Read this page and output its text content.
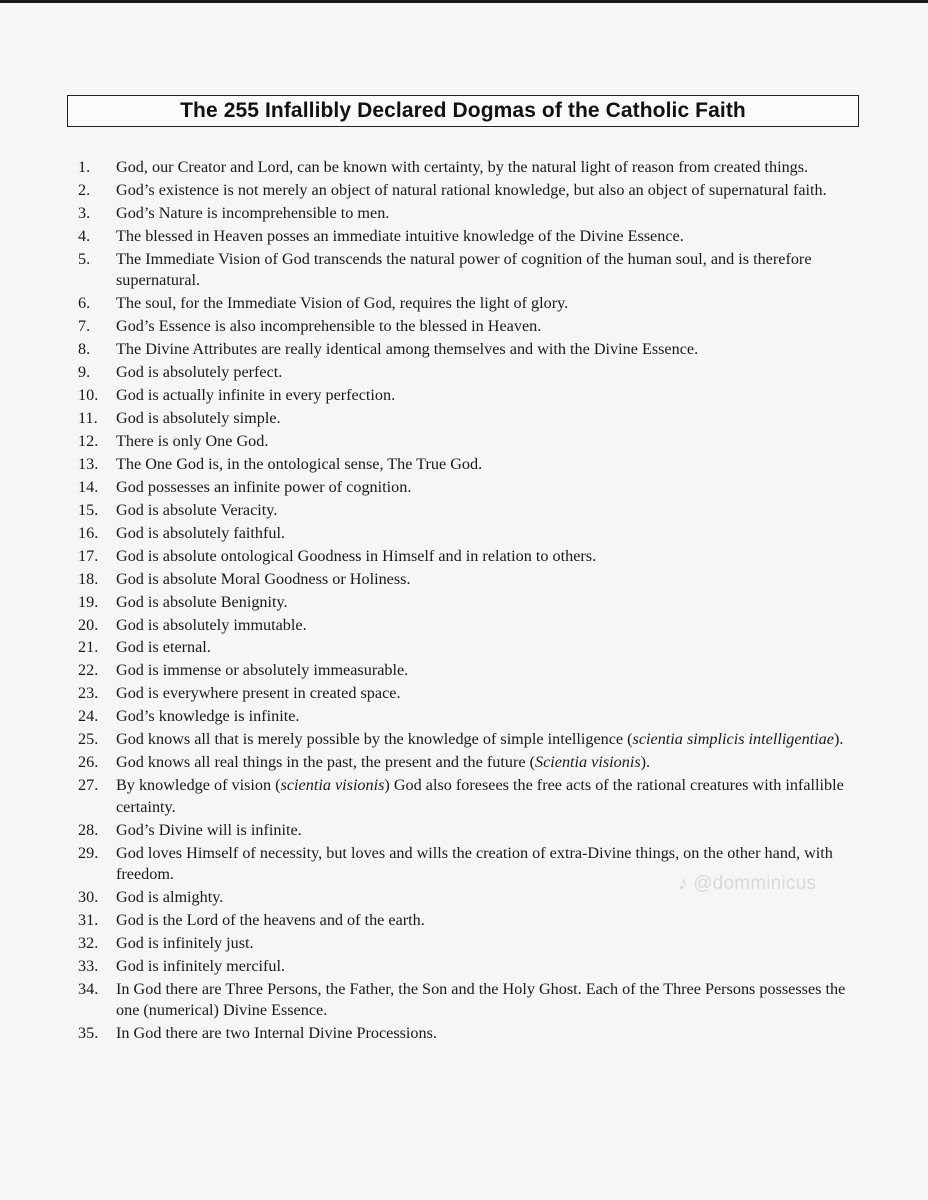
The 255 Infallibly Declared Dogmas of the Catholic Faith
1.	God, our Creator and Lord, can be known with certainty, by the natural light of reason from created things.
2.	God’s existence is not merely an object of natural rational knowledge, but also an object of supernatural faith.
3.	God’s Nature is incomprehensible to men.
4.	The blessed in Heaven posses an immediate intuitive knowledge of the Divine Essence.
5.	The Immediate Vision of God transcends the natural power of cognition of the human soul, and is therefore supernatural.
6.	The soul, for the Immediate Vision of God, requires the light of glory.
7.	God’s Essence is also incomprehensible to the blessed in Heaven.
8.	The Divine Attributes are really identical among themselves and with the Divine Essence.
9.	God is absolutely perfect.
10.	God is actually infinite in every perfection.
11.	God is absolutely simple.
12.	There is only One God.
13.	The One God is, in the ontological sense, The True God.
14.	God possesses an infinite power of cognition.
15.	God is absolute Veracity.
16.	God is absolutely faithful.
17.	God is absolute ontological Goodness in Himself and in relation to others.
18.	God is absolute Moral Goodness or Holiness.
19.	God is absolute Benignity.
20.	God is absolutely immutable.
21.	God is eternal.
22.	God is immense or absolutely immeasurable.
23.	God is everywhere present in created space.
24.	God’s knowledge is infinite.
25.	God knows all that is merely possible by the knowledge of simple intelligence (scientia simplicis intelligentiae).
26.	God knows all real things in the past, the present and the future (Scientia visionis).
27.	By knowledge of vision (scientia visionis) God also foresees the free acts of the rational creatures with infallible certainty.
28.	God’s Divine will is infinite.
29.	God loves Himself of necessity, but loves and wills the creation of extra-Divine things, on the other hand, with freedom.
30.	God is almighty.
31.	God is the Lord of the heavens and of the earth.
32.	God is infinitely just.
33.	God is infinitely merciful.
34.	In God there are Three Persons, the Father, the Son and the Holy Ghost. Each of the Three Persons possesses the one (numerical) Divine Essence.
35.	In God there are two Internal Divine Processions.
♪ @domminicus
